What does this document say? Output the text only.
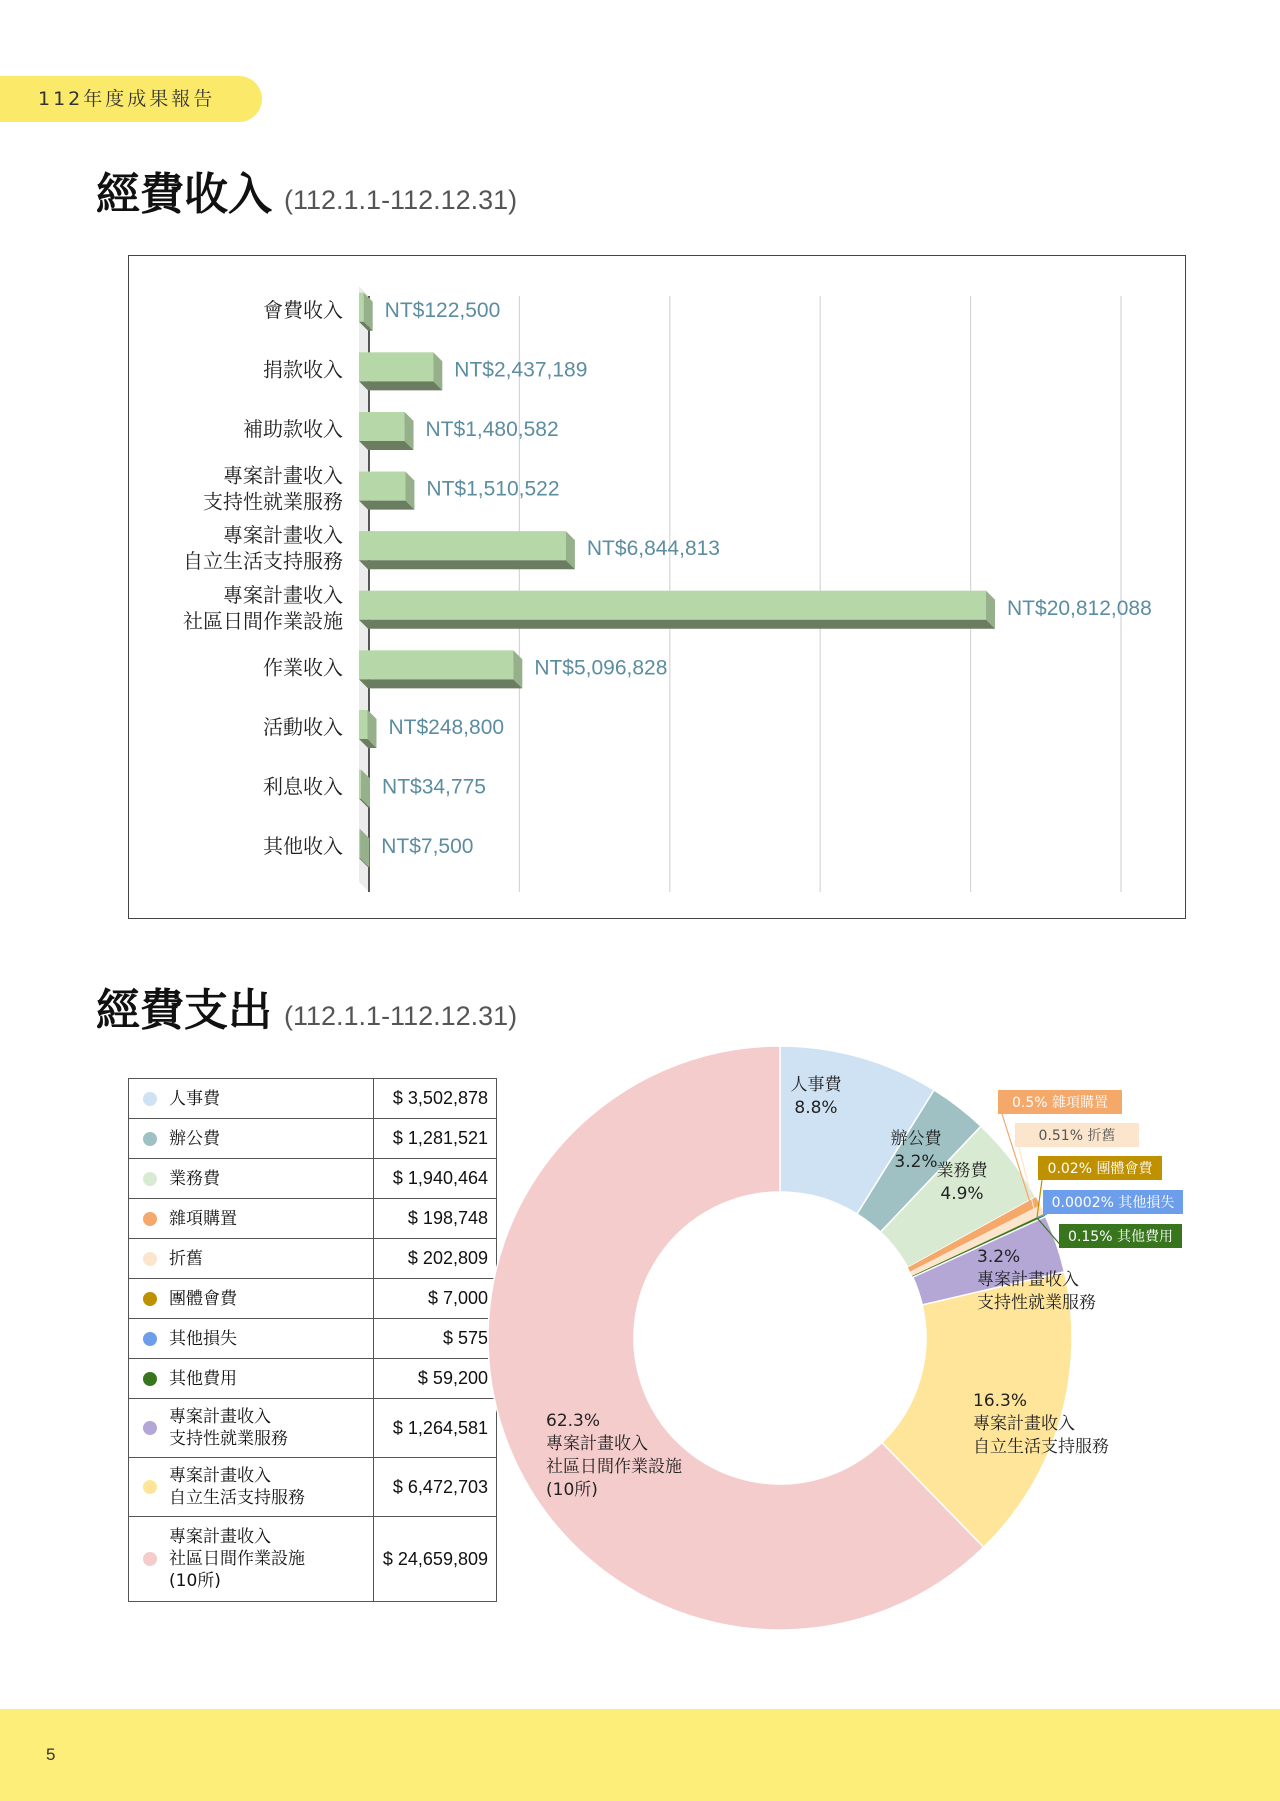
112年度成果報告
經費收入 (112.1.1-112.12.31)
NT$122,500
會費收入
NT$2,437,189
捐款收入
NT$1,480,582
補助款收入
NT$1,510,522
專案計畫收入支持性就業服務
NT$6,844,813
專案計畫收入自立生活支持服務
NT$20,812,088
專案計畫收入社區日間作業設施
NT$5,096,828
作業收入
NT$248,800
活動收入
NT$34,775
利息收入
NT$7,500
其他收入
經費支出 (112.1.1-112.12.31)
人事費	$ 3,502,878

辦公費	$ 1,281,521

業務費	$ 1,940,464

雜項購置	$ 198,748

折舊	$ 202,809

團體會費	$ 7,000

其他損失	$ 575

其他費用	$ 59,200

專案計畫收入
支持性就業服務	$ 1,264,581

專案計畫收入
自立生活支持服務	$ 6,472,703

專案計畫收入
社區日間作業設施
(10所)	$ 24,659,809
人事費 8.8%
辦公費 3.2%
業務費 4.9%
3.2%專案計畫收入支持性就業服務
16.3%專案計畫收入自立生活支持服務
62.3%專案計畫收入社區日間作業設施(10所)
0.5% 雜項購置
0.51% 折舊
0.02% 團體會費
0.0002% 其他損失
0.15% 其他費用
5
